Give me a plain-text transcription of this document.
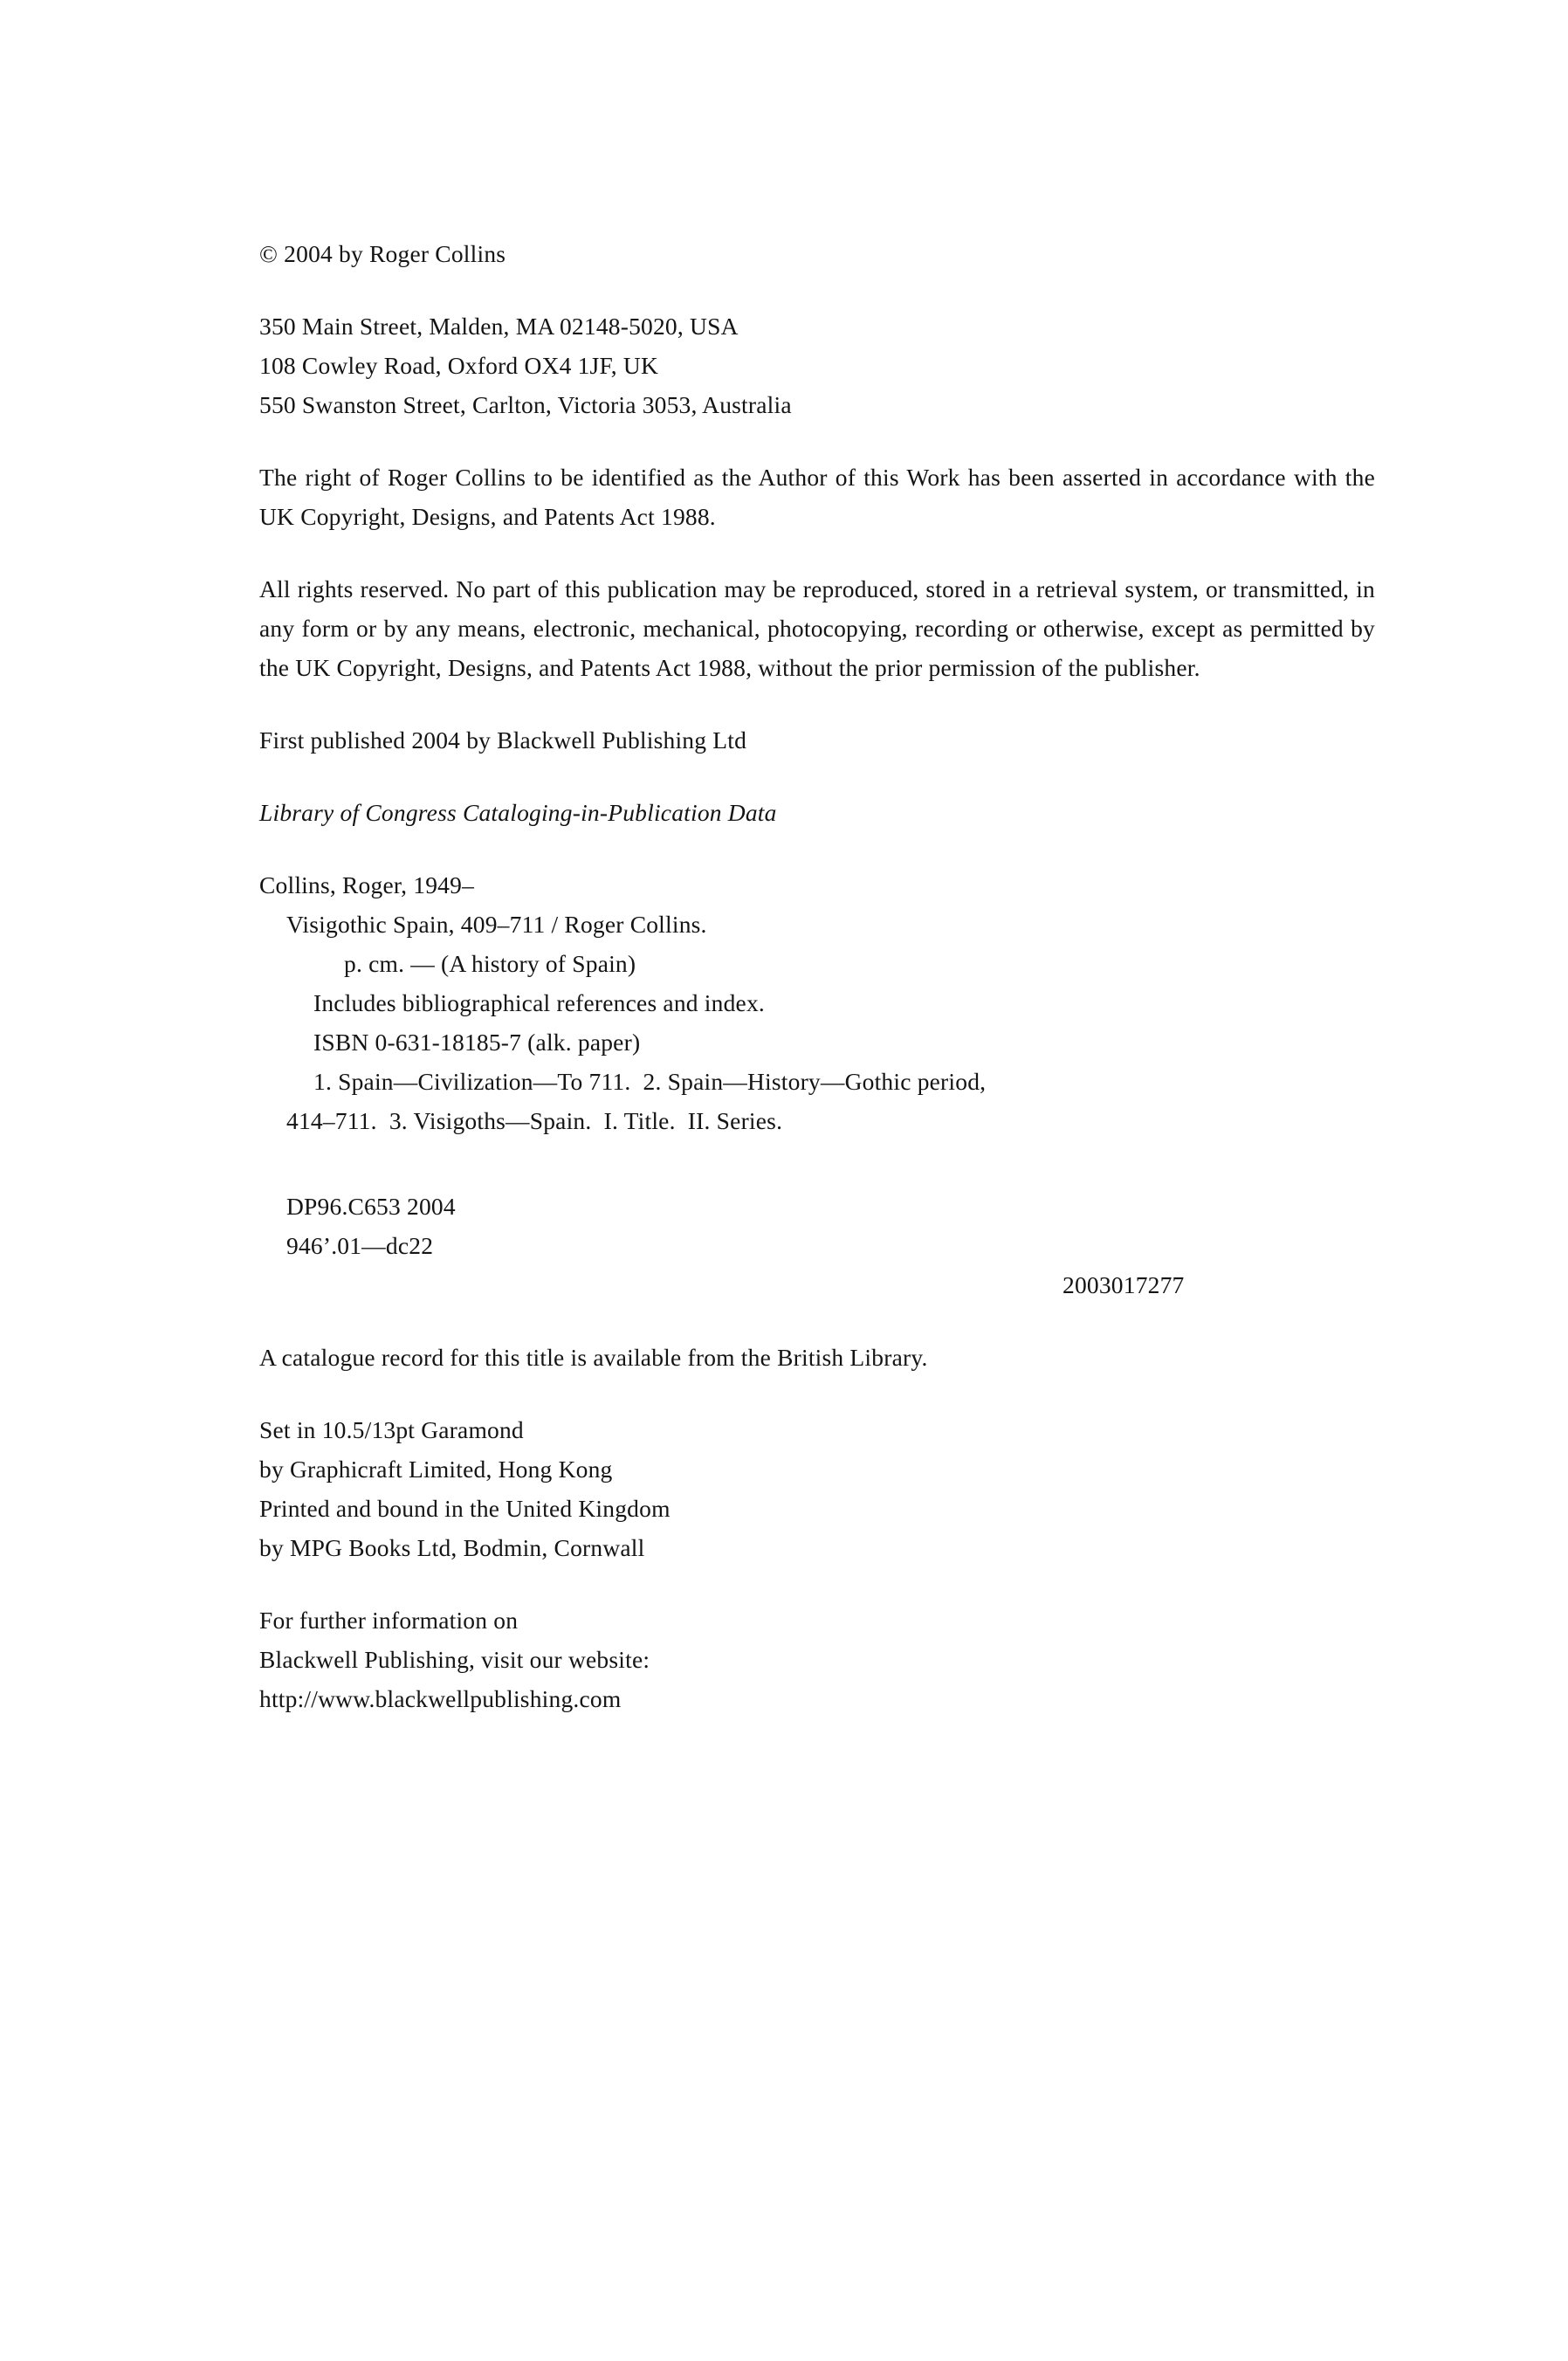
© 2004 by Roger Collins
350 Main Street, Malden, MA 02148-5020, USA
108 Cowley Road, Oxford OX4 1JF, UK
550 Swanston Street, Carlton, Victoria 3053, Australia
The right of Roger Collins to be identified as the Author of this Work has been asserted in accordance with the UK Copyright, Designs, and Patents Act 1988.
All rights reserved. No part of this publication may be reproduced, stored in a retrieval system, or transmitted, in any form or by any means, electronic, mechanical, photocopying, recording or otherwise, except as permitted by the UK Copyright, Designs, and Patents Act 1988, without the prior permission of the publisher.
First published 2004 by Blackwell Publishing Ltd
Library of Congress Cataloging-in-Publication Data
Collins, Roger, 1949–
Visigothic Spain, 409–711 / Roger Collins.
p. cm. — (A history of Spain)
Includes bibliographical references and index.
ISBN 0-631-18185-7 (alk. paper)
1. Spain—Civilization—To 711.  2. Spain—History—Gothic period,
414–711.  3. Visigoths—Spain.  I. Title.  II. Series.
DP96.C653 2004
946’.01—dc22
2003017277
A catalogue record for this title is available from the British Library.
Set in 10.5/13pt Garamond
by Graphicraft Limited, Hong Kong
Printed and bound in the United Kingdom
by MPG Books Ltd, Bodmin, Cornwall
For further information on
Blackwell Publishing, visit our website:
http://www.blackwellpublishing.com
